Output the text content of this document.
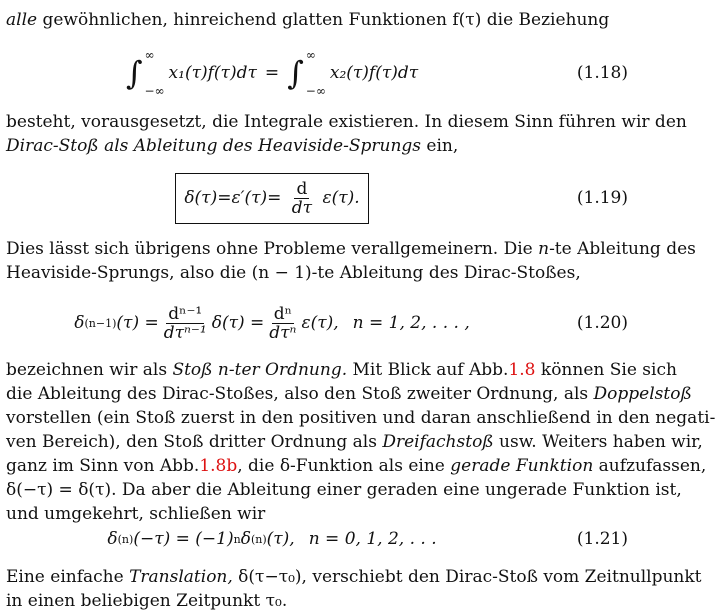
alle gewöhnlichen, hinreichend glatten Funktionen f(τ) die Beziehung
∫ ∞
−∞
x₁(τ)f(τ)dτ = ∫ ∞
−∞
x₂(τ)f(τ)dτ	(1.18)
besteht, vorausgesetzt, die Integrale existieren. In diesem Sinn führen wir den
Dirac-Stoß als Ableitung des Heaviside-Sprungs ein,
$\delta(\tau)=\varepsilon'(\tau)= \frac{d}{d\tau} \varepsilon(\tau)$.	(1.19)
Dies lässt sich übrigens ohne Probleme verallgemeinern. Die n-te Ableitung des
Heaviside-Sprungs, also die (n − 1)-te Ableitung des Dirac-Stoßes,
δ (n−1) $(\tau) = \frac{\text{dⁿ⁻¹}}{\text{dτⁿ⁻¹}} \delta(\tau) = \frac{\text{dⁿ}}{\text{dτⁿ}} \varepsilon(\tau)$, n = 1, 2, . . . ,	(1.20)
bezeichnen wir als Stoß n-ter Ordnung. Mit Blick auf Abb.1.8 können Sie sich
die Ableitung des Dirac-Stoßes, also den Stoß zweiter Ordnung, als Doppelstoß
vorstellen (ein Stoß zuerst in den positiven und daran anschließend in den negati-
ven Bereich), den Stoß dritter Ordnung als Dreifachstoß usw. Weiters haben wir,
ganz im Sinn von Abb.1.8b, die δ-Funktion als eine gerade Funktion aufzufassen,
δ(−τ) = δ(τ). Da aber die Ableitung einer geraden eine ungerade Funktion ist,
und umgekehrt, schließen wir
δ (n) (−τ) = (−1) n δ (n) (τ), n = 0, 1, 2, . . .	(1.21)
Eine einfache Translation, δ(τ−τ₀), verschiebt den Dirac-Stoß vom Zeitnullpunkt
in einen beliebigen Zeitpunkt τ₀.
